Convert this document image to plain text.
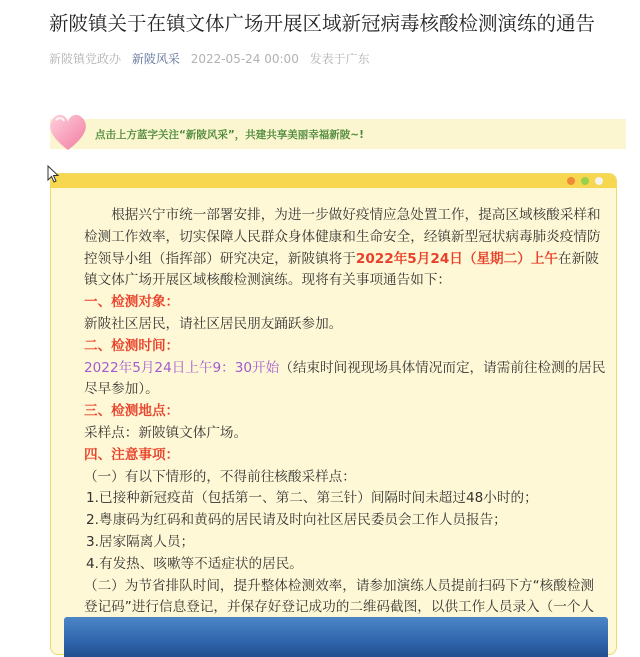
新陂镇关于在镇文体广场开展区域新冠病毒核酸检测演练的通告
新陂镇党政办 新陂风采 2022-05-24 00:00 发表于广东
点击上方蓝字关注“新陂风采”，共建共享美丽幸福新陂~!

根据兴宁市统一部署安排，为进一步做好疫情应急处置工作，提高区域核酸采样和检测工作效率，切实保障人民群众身体健康和生命安全，经镇新型冠状病毒肺炎疫情防控领导小组（指挥部）研究决定，新陂镇将于2022年5月24日（星期二）上午在新陂镇文体广场开展区域核酸检测演练。现将有关事项通告如下：

一、检测对象：

新陂社区居民，请社区居民朋友踊跃参加。

二、检测时间：

2022年5月24日上午9：30开始（结束时间视现场具体情况而定，请需前往检测的居民尽早参加）。

三、检测地点：

采样点：新陂镇文体广场。

四、注意事项：

（一）有以下情形的，不得前往核酸采样点：

1.已接种新冠疫苗（包括第一、第二、第三针）间隔时间未超过48小时的；

2.粤康码为红码和黄码的居民请及时向社区居民委员会工作人员报告；

3.居家隔离人员；

4.有发热、咳嗽等不适症状的居民。

（二）为节省排队时间，提升整体检测效率，请参加演练人员提前扫码下方“核酸检测登记码”进行信息登记，并保存好登记成功的二维码截图，以供工作人员录入（一个人
